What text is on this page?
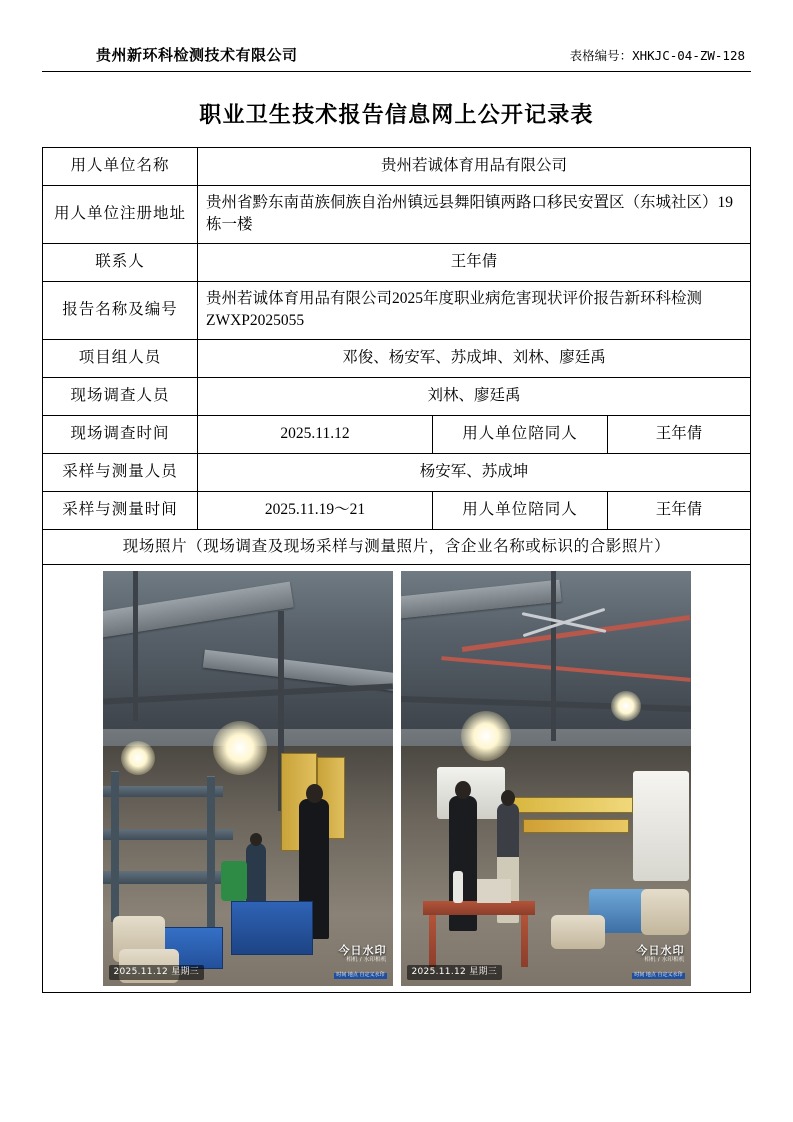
贵州新环科检测技术有限公司	表格编号：XHKJC-04-ZW-128
职业卫生技术报告信息网上公开记录表
用人单位名称	贵州若诚体育用品有限公司		
用人单位注册地址	贵州省黔东南苗族侗族自治州镇远县舞阳镇两路口移民安置区（东城社区）19栋一楼		
联系人	王年倩		
报告名称及编号	贵州若诚体育用品有限公司2025年度职业病危害现状评价报告新环科检测ZWXP2025055		
项目组人员	邓俊、杨安军、苏成坤、刘林、廖廷禹		
现场调查人员	刘林、廖廷禹		
现场调查时间	2025.11.12	用人单位陪同人	王年倩
采样与测量人员	杨安军、苏成坤		
采样与测量时间	2025.11.19～21	用人单位陪同人	王年倩
现场照片（现场调查及现场采样与测量照片，含企业名称或标识的合影照片）			

2025.11.12 星期三
今日水印
相机 / 水印相机
时间 地点 自定义水印	2025.11.12 星期三
今日水印
相机 / 水印相机
时间 地点 自定义水印
